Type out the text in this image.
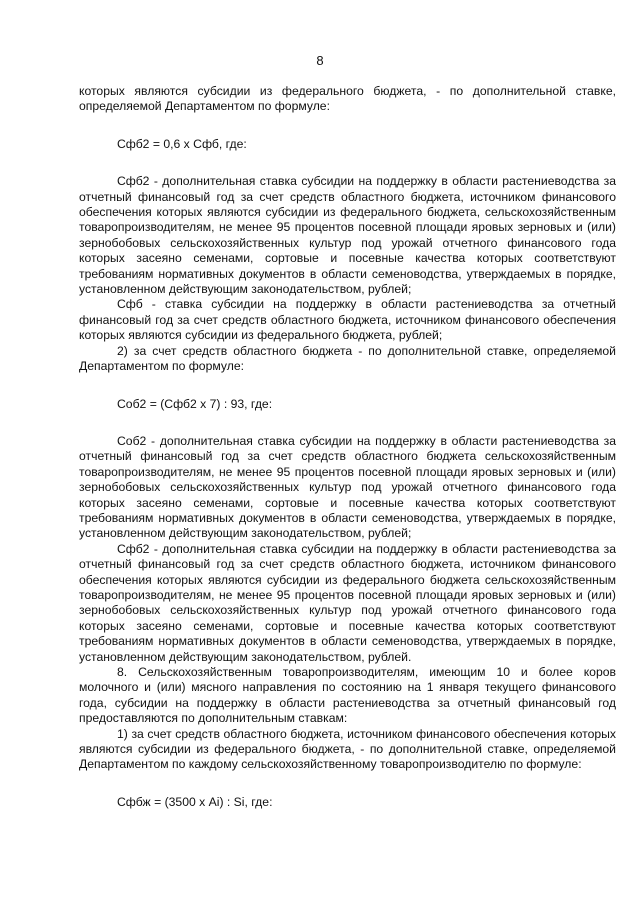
8

которых являются субсидии из федерального бюджета, - по дополнительной ставке, определяемой Департаментом по формуле:

Сфб2 = 0,6 х Сфб, где:

Сфб2 - дополнительная ставка субсидии на поддержку в области растениеводства за отчетный финансовый год за счет средств областного бюджета, источником финансового обеспечения которых являются субсидии из федерального бюджета, сельскохозяйственным товаропроизводителям, не менее 95 процентов посевной площади яровых зерновых и (или) зернобобовых сельскохозяйственных культур под урожай отчетного финансового года которых засеяно семенами, сортовые и посевные качества которых соответствуют требованиям нормативных документов в области семеноводства, утверждаемых в порядке, установленном действующим законодательством, рублей;

Сфб - ставка субсидии на поддержку в области растениеводства за отчетный финансовый год за счет средств областного бюджета, источником финансового обеспечения которых являются субсидии из федерального бюджета, рублей;

2) за счет средств областного бюджета - по дополнительной ставке, определяемой Департаментом по формуле:

Соб2 = (Сфб2 х 7) : 93, где:

Соб2 - дополнительная ставка субсидии на поддержку в области растениеводства за отчетный финансовый год за счет средств областного бюджета сельскохозяйственным товаропроизводителям, не менее 95 процентов посевной площади яровых зерновых и (или) зернобобовых сельскохозяйственных культур под урожай отчетного финансового года которых засеяно семенами, сортовые и посевные качества которых соответствуют требованиям нормативных документов в области семеноводства, утверждаемых в порядке, установленном действующим законодательством, рублей;

Сфб2 - дополнительная ставка субсидии на поддержку в области растениеводства за отчетный финансовый год за счет средств областного бюджета, источником финансового обеспечения которых являются субсидии из федерального бюджета сельскохозяйственным товаропроизводителям, не менее 95 процентов посевной площади яровых зерновых и (или) зернобобовых сельскохозяйственных культур под урожай отчетного финансового года которых засеяно семенами, сортовые и посевные качества которых соответствуют требованиям нормативных документов в области семеноводства, утверждаемых в порядке, установленном действующим законодательством, рублей.

8. Сельскохозяйственным товаропроизводителям, имеющим 10 и более коров молочного и (или) мясного направления по состоянию на 1 января текущего финансового года, субсидии на поддержку в области растениеводства за отчетный финансовый год предоставляются по дополнительным ставкам:

1) за счет средств областного бюджета, источником финансового обеспечения которых являются субсидии из федерального бюджета, - по дополнительной ставке, определяемой Департаментом по каждому сельскохозяйственному товаропроизводителю по формуле:

Сфбж = (3500 х Аi) : Si, где:
